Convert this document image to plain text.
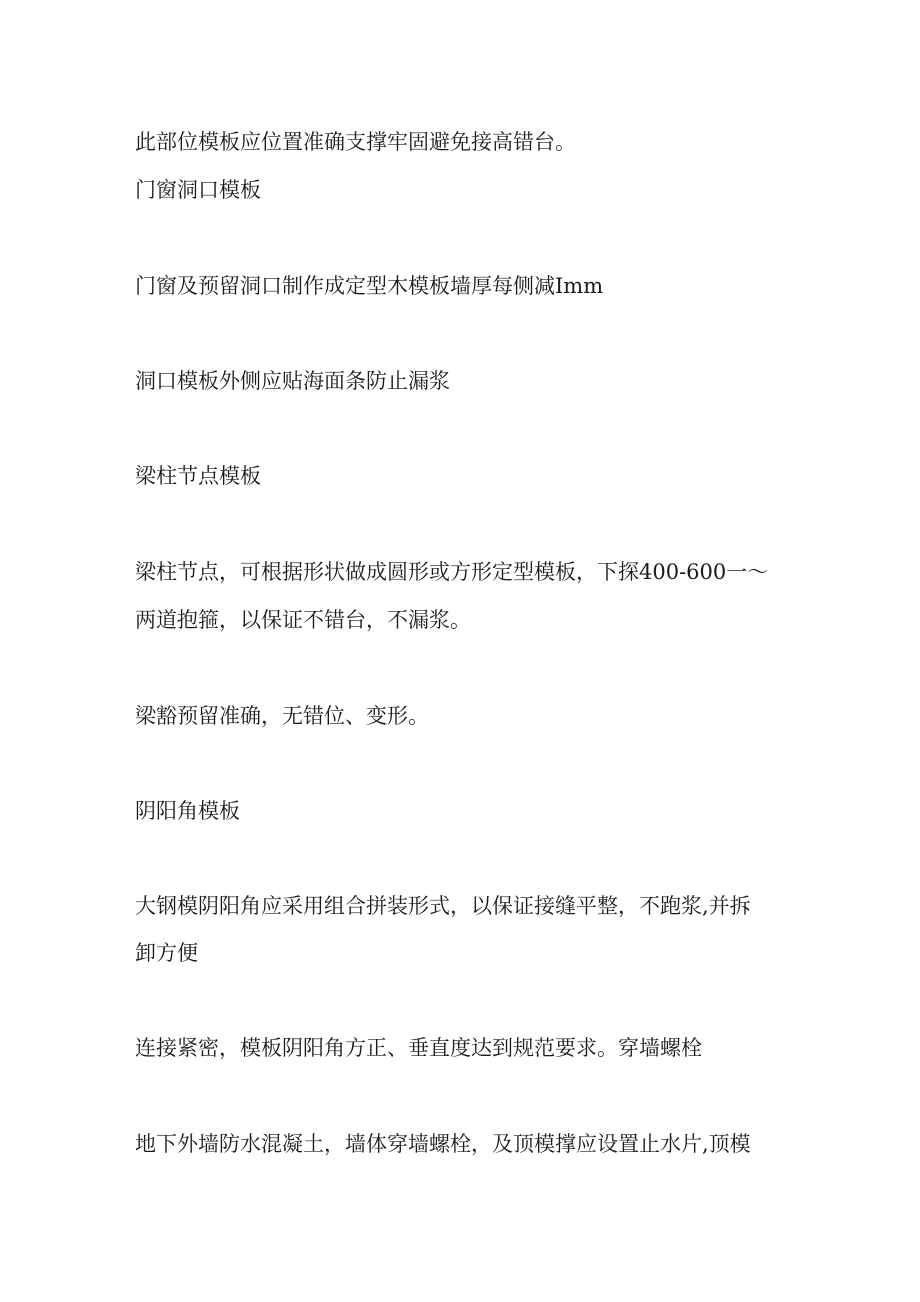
此部位模板应位置准确支撑牢固避免接高错台。

门窗洞口模板

门窗及预留洞口制作成定型木模板墙厚每侧减Imm

洞口模板外侧应贴海面条防止漏浆

梁柱节点模板

梁柱节点，可根据形状做成圆形或方形定型模板，下探400-600一～

两道抱箍，以保证不错台，不漏浆。

梁豁预留准确，无错位、变形。

阴阳角模板

大钢模阴阳角应采用组合拼装形式，以保证接缝平整，不跑浆,并拆

卸方便

连接紧密，模板阴阳角方正、垂直度达到规范要求。穿墙螺栓

地下外墙防水混凝土，墙体穿墙螺栓，及顶模撑应设置止水片,顶模
